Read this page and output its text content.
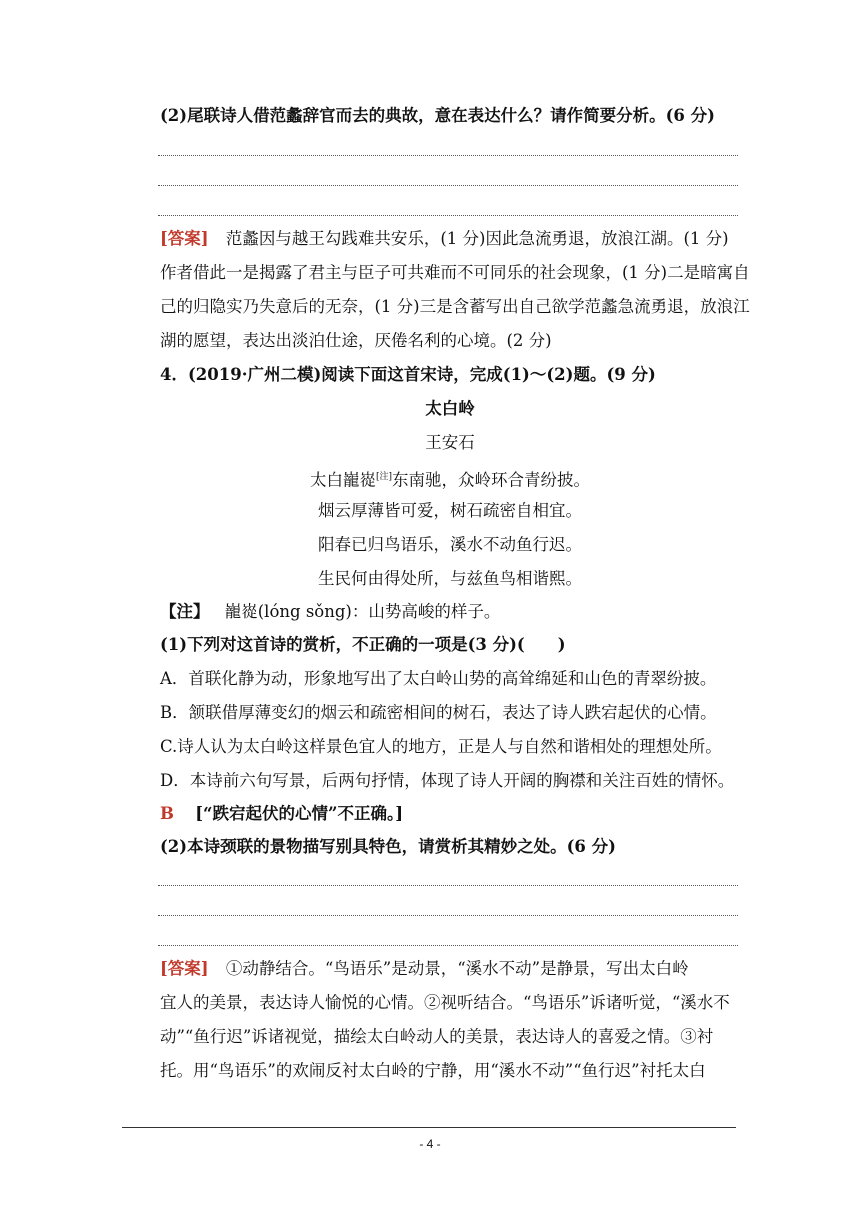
(2)尾联诗人借范蠡辞官而去的典故，意在表达什么？请作简要分析。(6 分)
[答案] 范蠡因与越王勾践难共安乐，(1 分)因此急流勇退，放浪江湖。(1 分)
作者借此一是揭露了君主与臣子可共难而不可同乐的社会现象，(1 分)二是暗寓自
己的归隐实乃失意后的无奈，(1 分)三是含蓄写出自己欲学范蠡急流勇退，放浪江
湖的愿望，表达出淡泊仕途，厌倦名利的心境。(2 分)
4．(2019·广州二模)阅读下面这首宋诗，完成(1)～(2)题。(9 分)
太白岭
王安石
太白巃嵸[注]东南驰，众岭环合青纷披。
烟云厚薄皆可爱，树石疏密自相宜。
阳春已归鸟语乐，溪水不动鱼行迟。
生民何由得处所，与兹鱼鸟相谐熙。
【注】 巃嵸(lóng sǒng)：山势高峻的样子。
(1)下列对这首诗的赏析，不正确的一项是(3 分)(　　)
A．首联化静为动，形象地写出了太白岭山势的高耸绵延和山色的青翠纷披。
B．颔联借厚薄变幻的烟云和疏密相间的树石，表达了诗人跌宕起伏的心情。
C.诗人认为太白岭这样景色宜人的地方，正是人与自然和谐相处的理想处所。
D．本诗前六句写景，后两句抒情，体现了诗人开阔的胸襟和关注百姓的情怀。
B [“跌宕起伏的心情”不正确。]
(2)本诗颈联的景物描写别具特色，请赏析其精妙之处。(6 分)
[答案] ①动静结合。“鸟语乐”是动景，“溪水不动”是静景，写出太白岭
宜人的美景，表达诗人愉悦的心情。②视听结合。“鸟语乐”诉诸听觉，“溪水不
动”“鱼行迟”诉诸视觉，描绘太白岭动人的美景，表达诗人的喜爱之情。③衬
托。用“鸟语乐”的欢闹反衬太白岭的宁静，用“溪水不动”“鱼行迟”衬托太白
- 4 -
